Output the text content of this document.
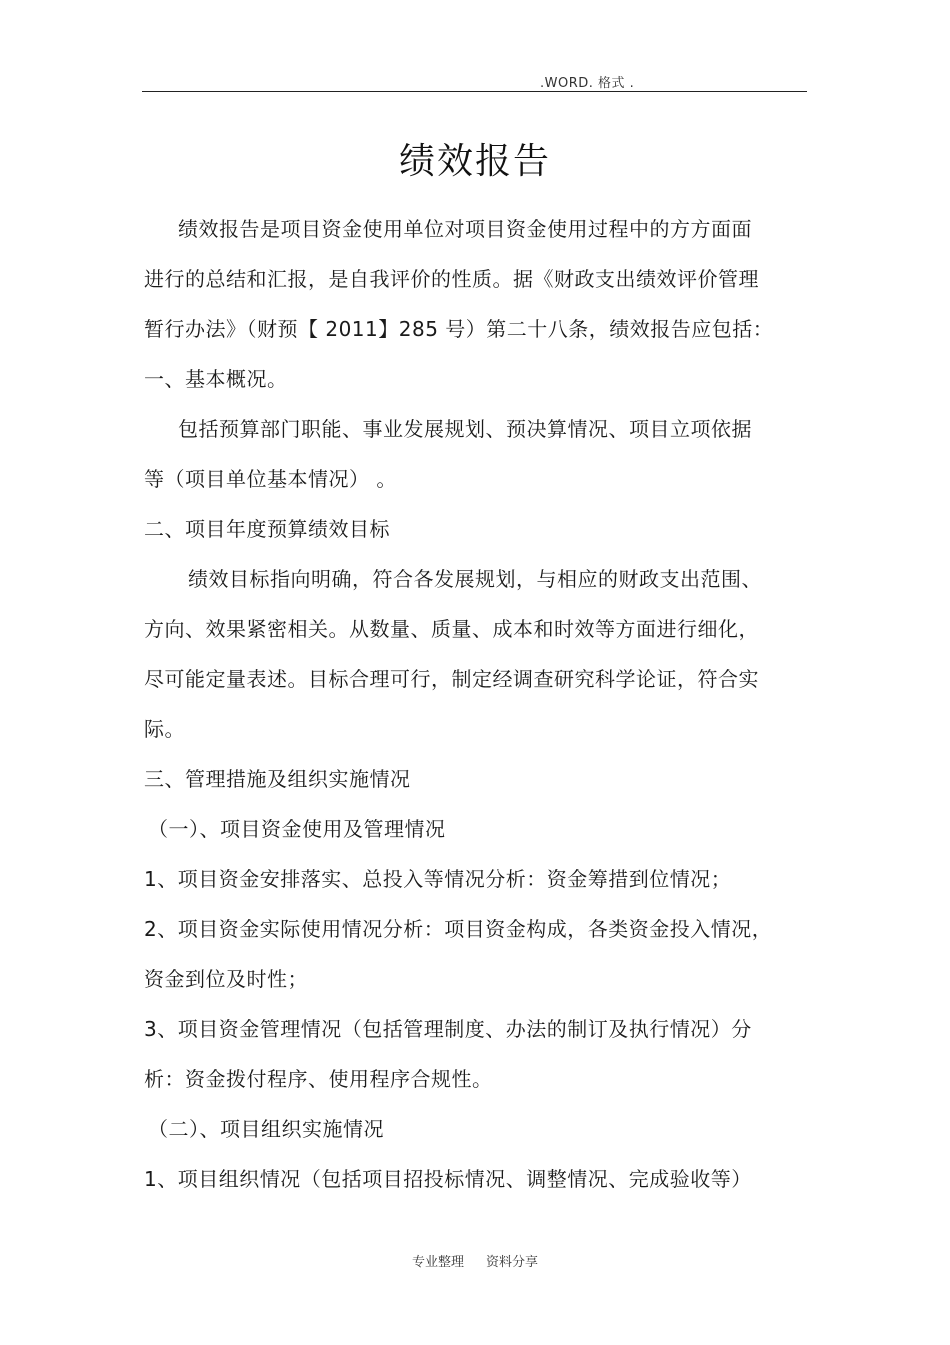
.WORD. 格式 .
绩效报告
绩效报告是项目资金使用单位对项目资金使用过程中的方方面面
进行的总结和汇报，是自我评价的性质。据《财政支出绩效评价管理
暂行办法》（财预【 2011】285 号）第二十八条，绩效报告应包括：
一、基本概况。
包括预算部门职能、事业发展规划、预决算情况、项目立项依据
等（项目单位基本情况） 。
二、项目年度预算绩效目标
绩效目标指向明确，符合各发展规划，与相应的财政支出范围、
方向、效果紧密相关。从数量、质量、成本和时效等方面进行细化，
尽可能定量表述。目标合理可行，制定经调查研究科学论证，符合实
际。
三、管理措施及组织实施情况
（一）、项目资金使用及管理情况
1、项目资金安排落实、总投入等情况分析：资金筹措到位情况；
2、项目资金实际使用情况分析：项目资金构成，各类资金投入情况，
资金到位及时性；
3、项目资金管理情况（包括管理制度、办法的制订及执行情况）分
析：资金拨付程序、使用程序合规性。
（二）、项目组织实施情况
1、项目组织情况（包括项目招投标情况、调整情况、完成验收等）
专业整理 资料分享
